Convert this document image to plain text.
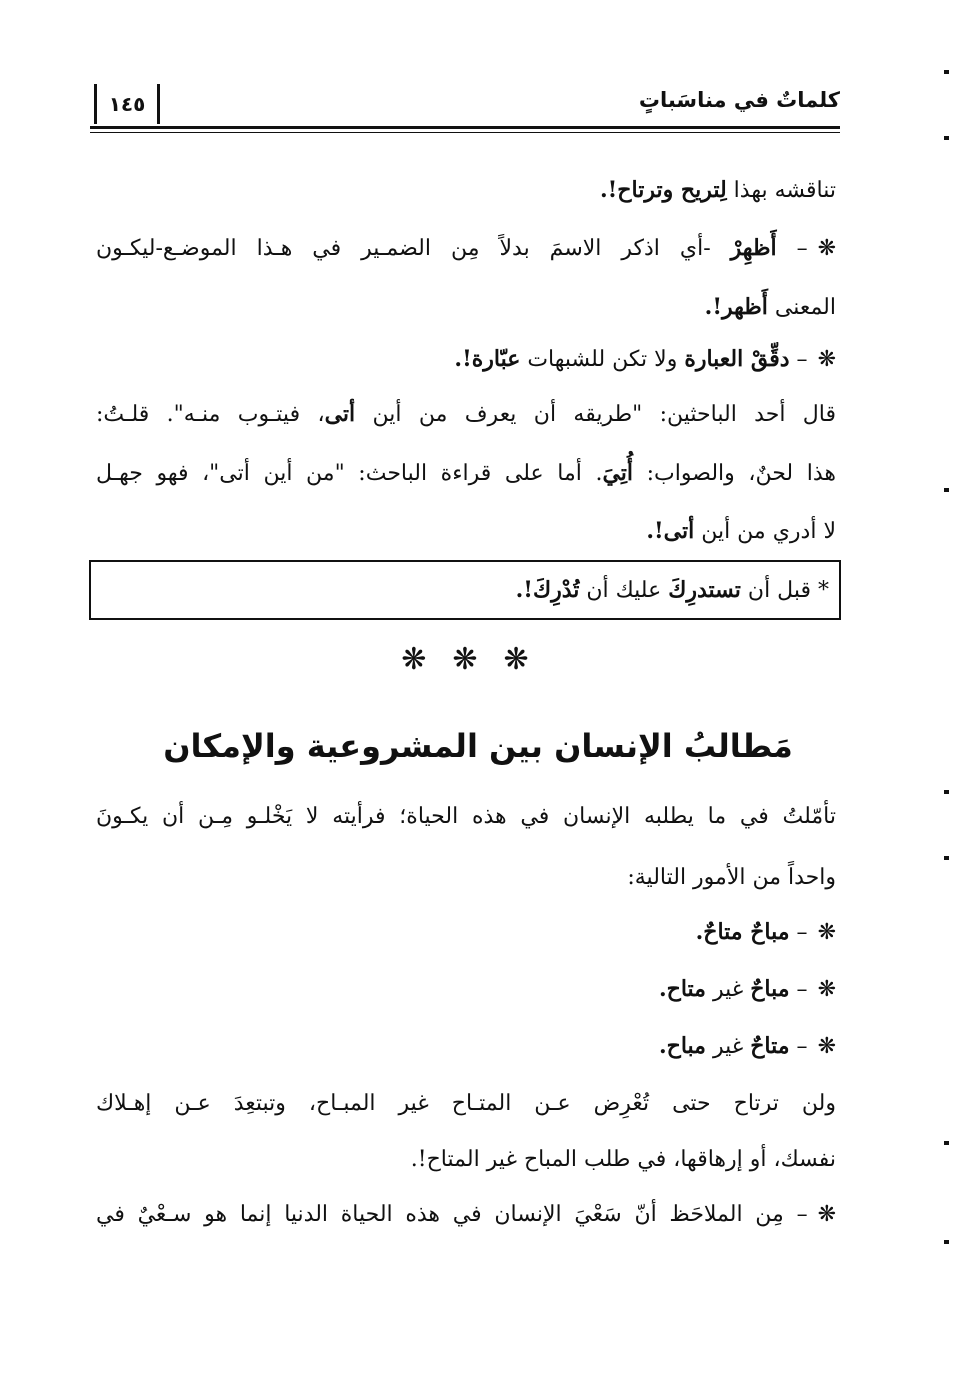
كلماتٌ في مناسَباتٍ
١٤٥
تناقشه بهذا لِتريح وترتاح!.
❋– أَظهِرْ -أي اذكر الاسمَ بدلاً مِن الضمـير في هـذا الموضـع-ليكـون
المعنى أَظهر!.
❋– دقِّقْ العبارة ولا تكن للشبهات عبّارة!.
قال أحد الباحثين: "طريقه أن يعرف من أين أتى، فيتـوب منـه". قلـتُ:
هذا لحنٌ، والصواب: أُتِيَ. أما على قراءة الباحث: "من أين أتى"، فهو جهـل
لا أدري من أين أتى!.
* قبل أن تستدرِكَ عليك أن تُدْرِكَ!.
❋❋❋
مَطالبُ الإنسان بين المشروعية والإمكان
تأمّلتُ في ما يطلبه الإنسان في هذه الحياة؛ فرأيته لا يَخْلـو مِـن أن يكـونَ
واحداً من الأمور التالية:
❋– مباحٌ متاحٌ.
❋– مباحٌ غير متاح.
❋– متاحٌ غير مباح.
ولن ترتاح حتى تُعْرِض عـن المتـاح غير المبـاح، وتبتعِدَ عـن إهـلاك
نفسك، أو إرهاقها، في طلب المباح غير المتاح!.
❋– مِن الملاحَظ أنّ سَعْيَ الإنسان في هذه الحياة الدنيا إنما هو سـعْيٌ في
